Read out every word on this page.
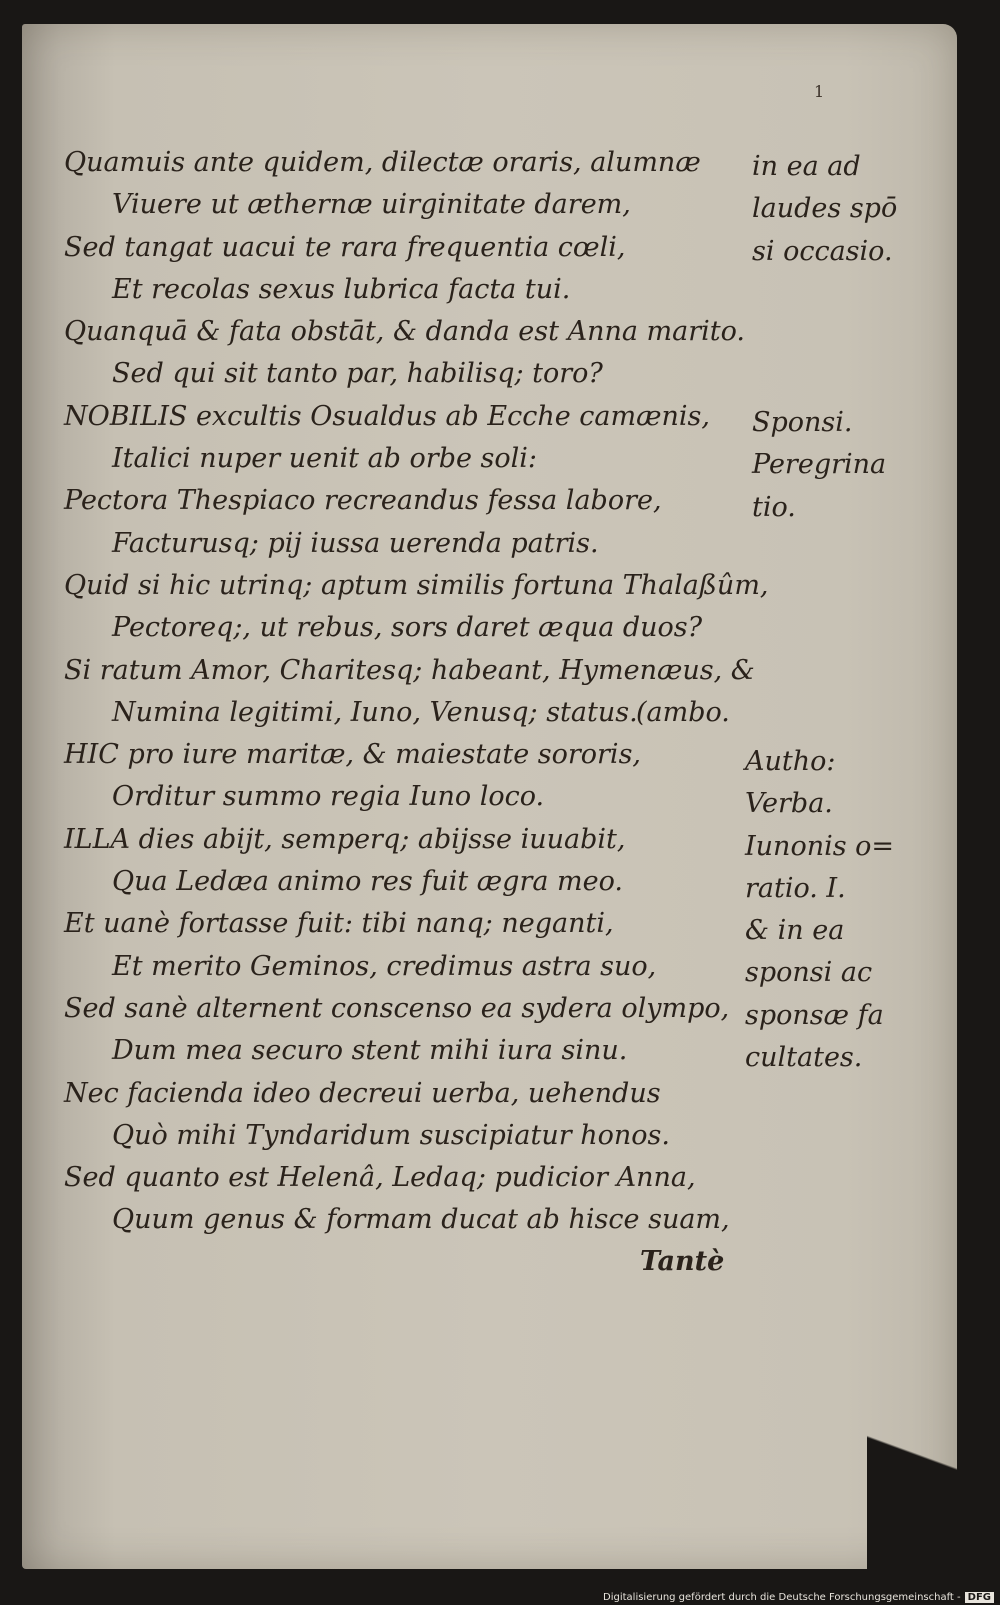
1
Quamuis ante quidem, dilectæ oraris, alumnæ
Viuere ut æthernæ uirginitate darem,
Sed tangat uacui te rara frequentia cœli,
Et recolas sexus lubrica facta tui.
Quanquā & fata obstāt, & danda est Anna marito.
Sed qui sit tanto par, habilisq; toro?
NOBILIS excultis Osualdus ab Ecche camænis,
Italici nuper uenit ab orbe soli:
Pectora Thespiaco recreandus fessa labore,
Facturusq; pij iussa uerenda patris.
Quid si hic utrinq; aptum similis fortuna Thalaßûm,
Pectoreq;, ut rebus, sors daret æqua duos?
Si ratum Amor, Charitesq; habeant, Hymenæus, &
Numina legitimi, Iuno, Venusq; status.
(ambo.
HIC pro iure maritæ, & maiestate sororis,
Orditur summo regia Iuno loco.
ILLA dies abijt, semperq; abijsse iuuabit,
Qua Ledæa animo res fuit ægra meo.
Et uanè fortasse fuit: tibi nanq; neganti,
Et merito Geminos, credimus astra suo,
Sed sanè alternent conscenso ea sydera olympo,
Dum mea securo stent mihi iura sinu.
Nec facienda ideo decreui uerba, uehendus
Quò mihi Tyndaridum suscipiatur honos.
Sed quanto est Helenâ, Ledaq; pudicior Anna,
Quum genus & formam ducat ab hisce suam,
in ea ad
laudes spō
si occasio.
Sponsi.
Peregrina
tio.
Autho:
Verba.
Iunonis o=
ratio. I.
& in ea
sponsi ac
sponsæ fa
cultates.
Tantè
Digitalisierung gefördert durch die Deutsche Forschungsgemeinschaft - DFG
